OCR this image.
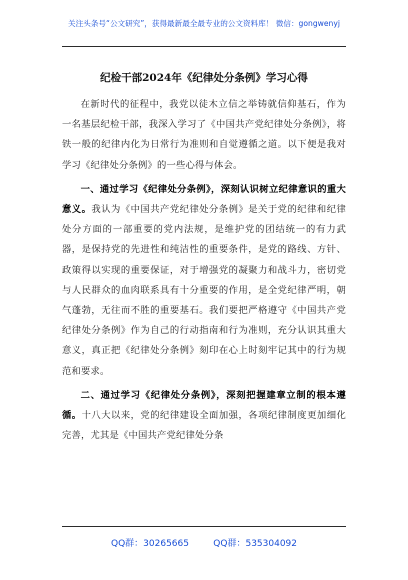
关注头条号“公文研究”，获得最新最全最专业的公文资料库！ 微信：gongwenyj
纪检干部2024年《纪律处分条例》学习心得

在新时代的征程中，我党以徒木立信之举铸就信仰基石，作为一名基层纪检干部，我深入学习了《中国共产党纪律处分条例》，将铁一般的纪律内化为日常行为准则和自觉遵循之道。以下便是我对学习《纪律处分条例》的一些心得与体会。

一、通过学习《纪律处分条例》，深刻认识树立纪律意识的重大意义。我认为《中国共产党纪律处分条例》是关于党的纪律和纪律处分方面的一部重要的党内法规，是维护党的团结统一的有力武器，是保持党的先进性和纯洁性的重要条件，是党的路线、方针、政策得以实现的重要保证，对于增强党的凝聚力和战斗力，密切党与人民群众的血肉联系具有十分重要的作用，是全党纪律严明，朝气蓬勃，无往而不胜的重要基石。我们要把严格遵守《中国共产党纪律处分条例》作为自己的行动指南和行为准则，充分认识其重大意义，真正把《纪律处分条例》刻印在心上时刻牢记其中的行为规范和要求。

二、通过学习《纪律处分条例》，深刻把握建章立制的根本遵循。十八大以来，党的纪律建设全面加强，各项纪律制度更加细化完善，尤其是《中国共产党纪律处分条

QQ群：30265665	QQ群：535304092
